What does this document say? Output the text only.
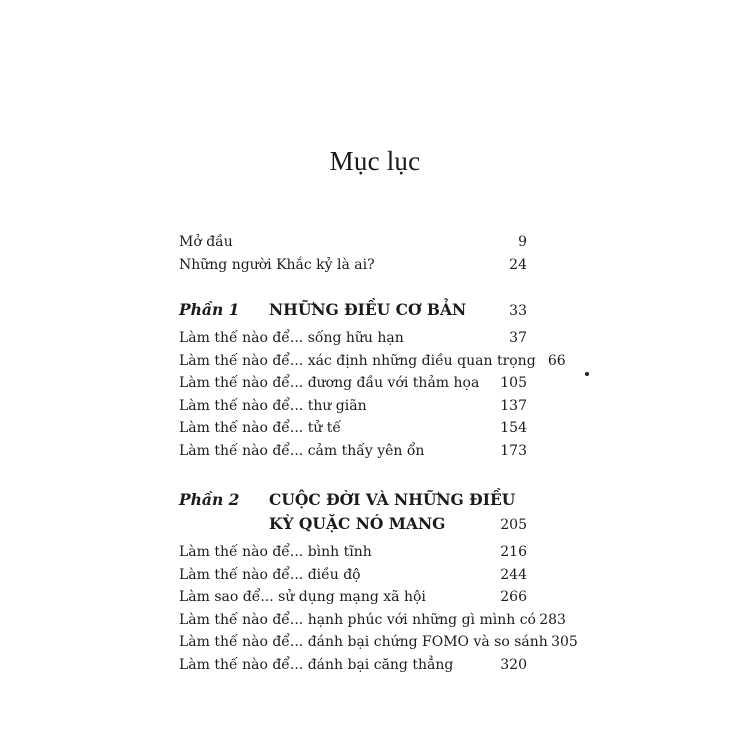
Mục lục
Mở đầu	9
Những người Khắc kỷ là ai?	24
Phần 1 NHỮNG ĐIỀU CƠ BẢN	33
Làm thế nào để... sống hữu hạn	37
Làm thế nào để... xác định những điều quan trọng 66
Làm thế nào để... đương đầu với thảm họa 105
Làm thế nào để... thư giãn	137
Làm thế nào để... tử tế	154
Làm thế nào để... cảm thấy yên ổn	173
Phần 2 CUỘC ĐỜI VÀ NHỮNG ĐIỀU
KỲ QUẶC NÓ MANG	205
Làm thế nào để... bình tĩnh	216
Làm thế nào để... điều độ	244
Làm sao để... sử dụng mạng xã hội	266
Làm thế nào để... hạnh phúc với những gì mình có 283
Làm thế nào để... đánh bại chứng FOMO và so sánh 305
Làm thế nào để... đánh bại căng thẳng	320
